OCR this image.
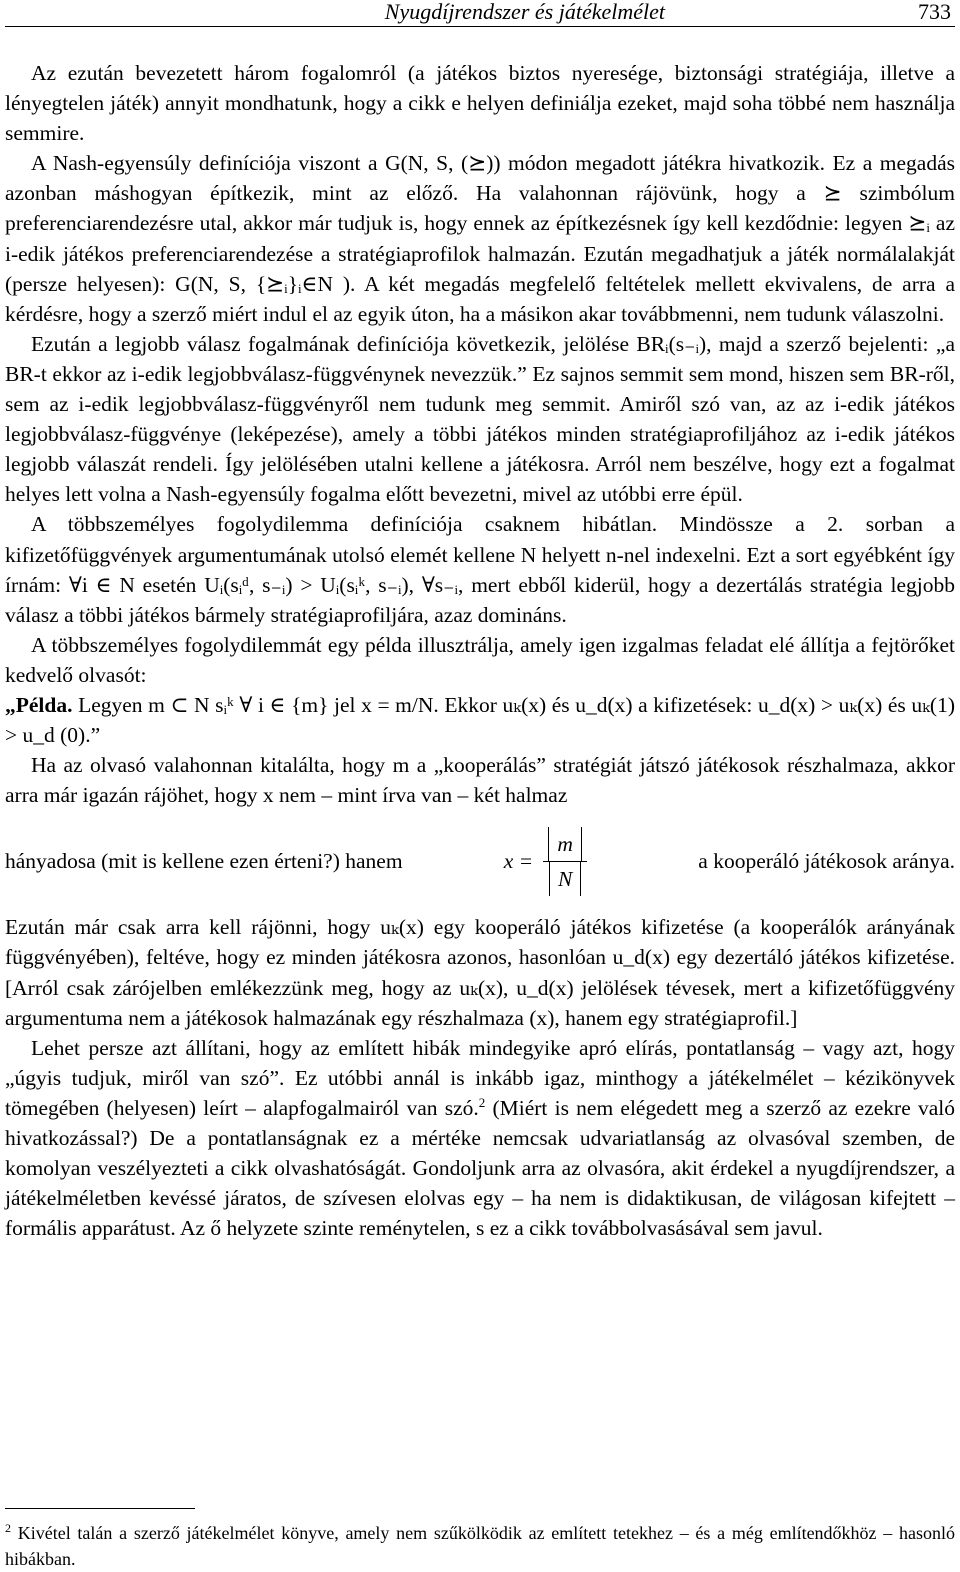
Nyugdíjrendszer és játékelmélet	733

Az ezután bevezetett három fogalomról (a játékos biztos nyeresége, biztonsági stratégiája, illetve a lényegtelen játék) annyit mondhatunk, hogy a cikk e helyen definiálja ezeket, majd soha többé nem használja semmire.

A Nash-egyensúly definíciója viszont a G(N, S, (⪰)) módon megadott játékra hivatkozik. Ez a megadás azonban máshogyan építkezik, mint az előző. Ha valahonnan rájövünk, hogy a ⪰ szimbólum preferenciarendezésre utal, akkor már tudjuk is, hogy ennek az építkezésnek így kell kezdődnie: legyen ⪰ᵢ az i-edik játékos preferenciarendezése a stratégiaprofilok halmazán. Ezután megadhatjuk a játék normálalakját (persze helyesen): G(N, S, {⪰ᵢ}ᵢ∈N ). A két megadás megfelelő feltételek mellett ekvivalens, de arra a kérdésre, hogy a szerző miért indul el az egyik úton, ha a másikon akar továbbmenni, nem tudunk válaszolni.

Ezután a legjobb válasz fogalmának definíciója következik, jelölése BRᵢ(s₋ᵢ), majd a szerző bejelenti: „a BR-t ekkor az i-edik legjobbválasz-függvénynek nevezzük.” Ez sajnos semmit sem mond, hiszen sem BR-ről, sem az i-edik legjobbválasz-függvényről nem tudunk meg semmit. Amiről szó van, az az i-edik játékos legjobbválasz-függvénye (leképezése), amely a többi játékos minden stratégiaprofiljához az i-edik játékos legjobb válaszát rendeli. Így jelölésében utalni kellene a játékosra. Arról nem beszélve, hogy ezt a fogalmat helyes lett volna a Nash-egyensúly fogalma előtt bevezetni, mivel az utóbbi erre épül.

A többszemélyes fogolydilemma definíciója csaknem hibátlan. Mindössze a 2. sorban a kifizetőfüggvények argumentumának utolsó elemét kellene N helyett n-nel indexelni. Ezt a sort egyébként így írnám: ∀i ∈ N esetén Uᵢ(sᵢᵈ, s₋ᵢ) > Uᵢ(sᵢᵏ, s₋ᵢ), ∀s₋ᵢ, mert ebből kiderül, hogy a dezertálás stratégia legjobb válasz a többi játékos bármely stratégiaprofiljára, azaz domináns.

A többszemélyes fogolydilemmát egy példa illusztrálja, amely igen izgalmas feladat elé állítja a fejtörőket kedvelő olvasót:

„Példa. Legyen m ⊂ N sᵢᵏ ∀ i ∈ {m} jel x = m/N. Ekkor uₖ(x) és u_d(x) a kifizetések: u_d(x) > uₖ(x) és uₖ(1) > u_d (0).”

Ha az olvasó valahonnan kitalálta, hogy m a „kooperálás” stratégiát játszó játékosok részhalmaza, akkor arra már igazán rájöhet, hogy x nem – mint írva van – két halmaz

hányadosa (mit is kellene ezen érteni?) hanem	$x = \frac{m}{N}$	a kooperáló játékosok aránya.

Ezután már csak arra kell rájönni, hogy uₖ(x) egy kooperáló játékos kifizetése (a kooperálók arányának függvényében), feltéve, hogy ez minden játékosra azonos, hasonlóan u_d(x) egy dezertáló játékos kifizetése. [Arról csak zárójelben emlékezzünk meg, hogy az uₖ(x), u_d(x) jelölések tévesek, mert a kifizetőfüggvény argumentuma nem a játékosok halmazának egy részhalmaza (x), hanem egy stratégiaprofil.]

Lehet persze azt állítani, hogy az említett hibák mindegyike apró elírás, pontatlanság – vagy azt, hogy „úgyis tudjuk, miről van szó”. Ez utóbbi annál is inkább igaz, minthogy a játékelmélet – kézikönyvek tömegében (helyesen) leírt – alapfogalmairól van szó.$^2$ (Miért is nem elégedett meg a szerző az ezekre való hivatkozással?) De a pontatlanságnak ez a mértéke nemcsak udvariatlanság az olvasóval szemben, de komolyan veszélyezteti a cikk olvashatóságát. Gondoljunk arra az olvasóra, akit érdekel a nyugdíjrendszer, a játékelméletben kevéssé járatos, de szívesen elolvas egy – ha nem is didaktikusan, de világosan kifejtett – formális apparátust. Az ő helyzete szinte reménytelen, s ez a cikk továbbolvasásával sem javul.

$^2$ Kivétel talán a szerző játékelmélet könyve, amely nem szűkölködik az említett tetekhez – és a még említendőkhöz – hasonló hibákban.
